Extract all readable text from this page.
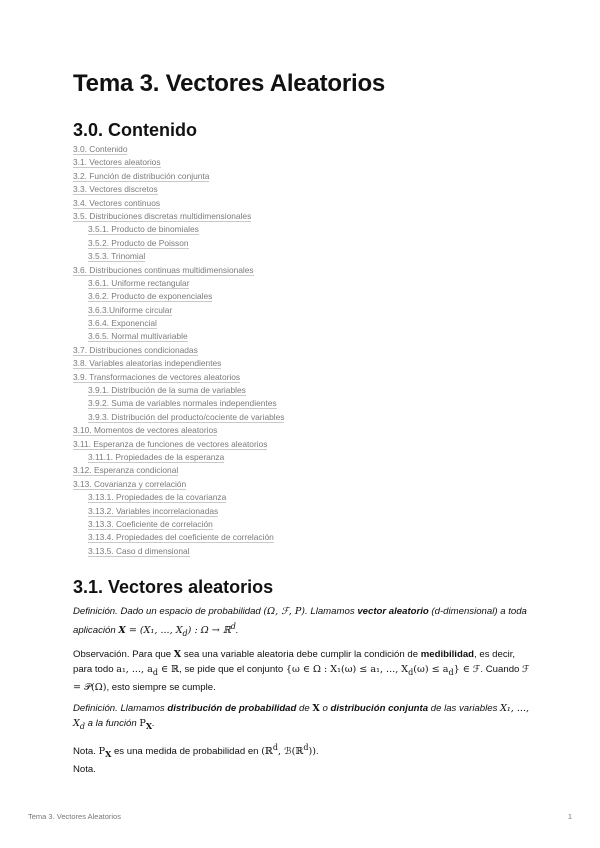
Tema 3. Vectores Aleatorios
3.0. Contenido
3.0. Contenido
3.1. Vectores aleatorios
3.2. Función de distribución conjunta
3.3. Vectores discretos
3.4. Vectores continuos
3.5. Distribuciones discretas multidimensionales
3.5.1. Producto de binomiales
3.5.2. Producto de Poisson
3.5.3. Trinomial
3.6. Distribuciones continuas multidimensionales
3.6.1. Uniforme rectangular
3.6.2. Producto de exponenciales
3.6.3.Uniforme circular
3.6.4. Exponencial
3.6.5. Normal multivariable
3.7. Distribuciones condicionadas
3.8. Variables aleatorias independientes
3.9. Transformaciones de vectores aleatorios
3.9.1. Distribución de la suma de variables
3.9.2. Suma de variables normales independientes
3.9.3. Distribución del producto/cociente de variables
3.10. Momentos de vectores aleatorios
3.11. Esperanza de funciones de vectores aleatorios
3.11.1. Propiedades de la esperanza
3.12. Esperanza condicional
3.13. Covarianza y correlación
3.13.1. Propiedades de la covarianza
3.13.2. Variables incorrelacionadas
3.13.3. Coeficiente de correlación
3.13.4. Propiedades del coeficiente de correlación
3.13.5. Caso d dimensional
3.1. Vectores aleatorios

Definición. Dado un espacio de probabilidad (Ω, ℱ, P). Llamamos vector aleatorio (d-dimensional) a toda aplicación X = (X₁, ..., $X_d$) : Ω → ℝ$^d$.

Observación. Para que X sea una variable aleatoria debe cumplir la condición de medibilidad, es decir, para todo a₁, ..., $a_d$ ∈ ℝ, se pide que el conjunto {ω ∈ Ω : X₁(ω) ≤ a₁, ..., $X_d(\omega) \le a_d$} ∈ ℱ. Cuando ℱ = 𝒫(Ω), esto siempre se cumple.

Definición. Llamamos distribución de probabilidad de X o distribución conjunta de las variables X₁, ..., $X_d$ a la función $P_X$.

Nota. $P_X$ es una medida de probabilidad en (ℝ$^d$, ℬ(ℝ$^d$)).

Nota.

Tema 3. Vectores Aleatorios	1
